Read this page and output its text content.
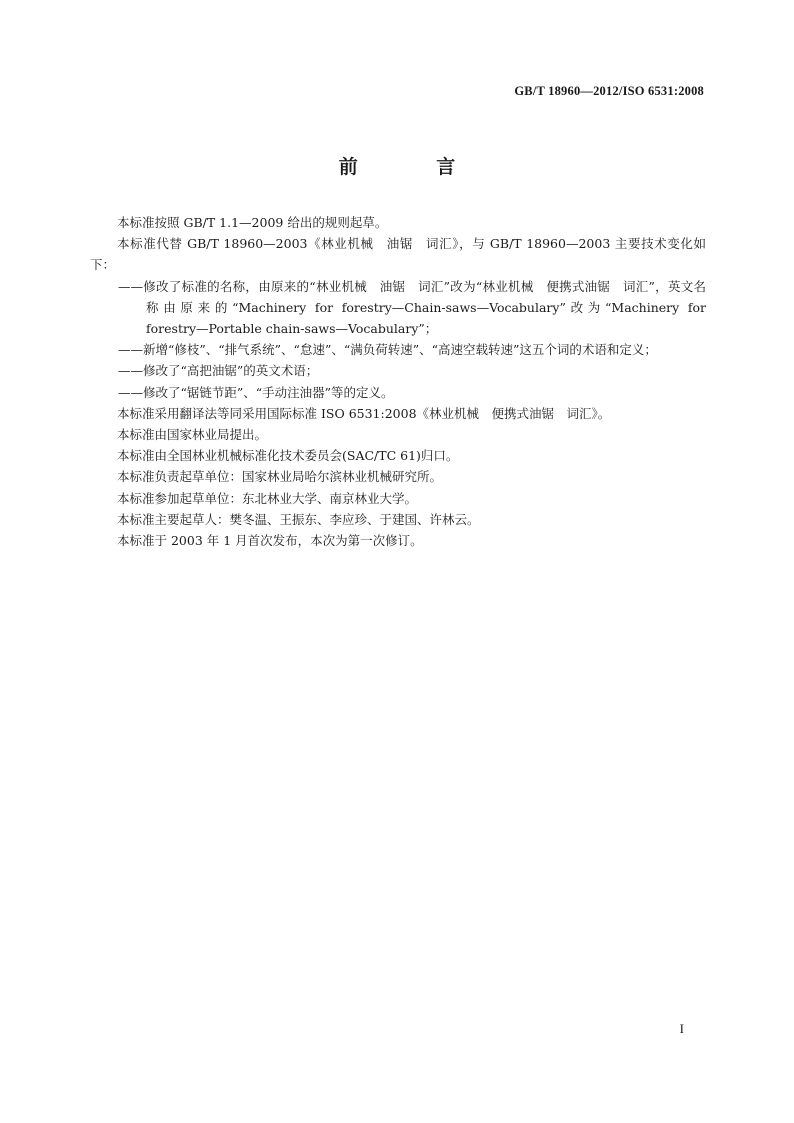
GB/T 18960—2012/ISO 6531:2008
前 言

本标准按照 GB/T 1.1—2009 给出的规则起草。

本标准代替 GB/T 18960—2003《林业机械　油锯　词汇》，与 GB/T 18960—2003 主要技术变化如下：

——修改了标准的名称，由原来的“林业机械　油锯　词汇”改为“林业机械　便携式油锯　词汇”，英文名称由原来的“Machinery for forestry—Chain-saws—Vocabulary”改为“Machinery for forestry—Portable chain-saws—Vocabulary”；

——新增“修枝”、“排气系统”、“怠速”、“满负荷转速”、“高速空载转速”这五个词的术语和定义；

——修改了“高把油锯”的英文术语；

——修改了“锯链节距”、“手动注油器”等的定义。

本标准采用翻译法等同采用国际标准 ISO 6531:2008《林业机械　便携式油锯　词汇》。

本标准由国家林业局提出。

本标准由全国林业机械标准化技术委员会(SAC/TC 61)归口。

本标准负责起草单位：国家林业局哈尔滨林业机械研究所。

本标准参加起草单位：东北林业大学、南京林业大学。

本标准主要起草人：樊冬温、王振东、李应珍、于建国、许林云。

本标准于 2003 年 1 月首次发布，本次为第一次修订。

I
